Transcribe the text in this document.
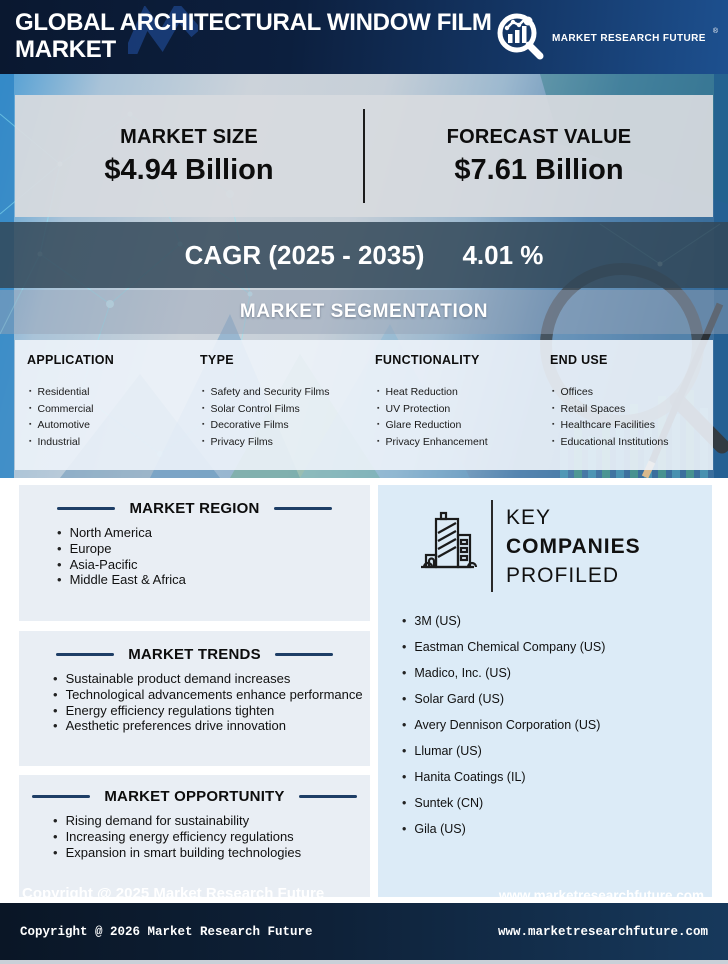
GLOBAL ARCHITECTURAL WINDOW FILM
MARKET	MARKET RESEARCH FUTURE
®
MARKET SIZE
$4.94 Billion
FORECAST VALUE
$7.61 Billion
CAGR (2025 - 2035) 4.01 %
MARKET SEGMENTATION
APPLICATION
▪ Residential
▪ Commercial
▪ Automotive
▪ Industrial
TYPE
▪ Safety and Security Films
▪ Solar Control Films
▪ Decorative Films
▪ Privacy Films
FUNCTIONALITY
▪ Heat Reduction
▪ UV Protection
▪ Glare Reduction
▪ Privacy Enhancement
END USE
▪ Offices
▪ Retail Spaces
▪ Healthcare Facilities
▪ Educational Institutions
MARKET REGION
• North America
• Europe
• Asia-Pacific
• Middle East & Africa
MARKET TRENDS
• Sustainable product demand increases
• Technological advancements enhance performance
• Energy efficiency regulations tighten
• Aesthetic preferences drive innovation
MARKET OPPORTUNITY
• Rising demand for sustainability
• Increasing energy efficiency regulations
• Expansion in smart building technologies
KEY
COMPANIES
PROFILED
• 3M (US)
• Eastman Chemical Company (US)
• Madico, Inc. (US)
• Solar Gard (US)
• Avery Dennison Corporation (US)
• Llumar (US)
• Hanita Coatings (IL)
• Suntek (CN)
• Gila (US)
Copyright @ 2025 Market Research Future	www.marketresearchfuture.com
Copyright @ 2026 Market Research Future	www.marketresearchfuture.com
